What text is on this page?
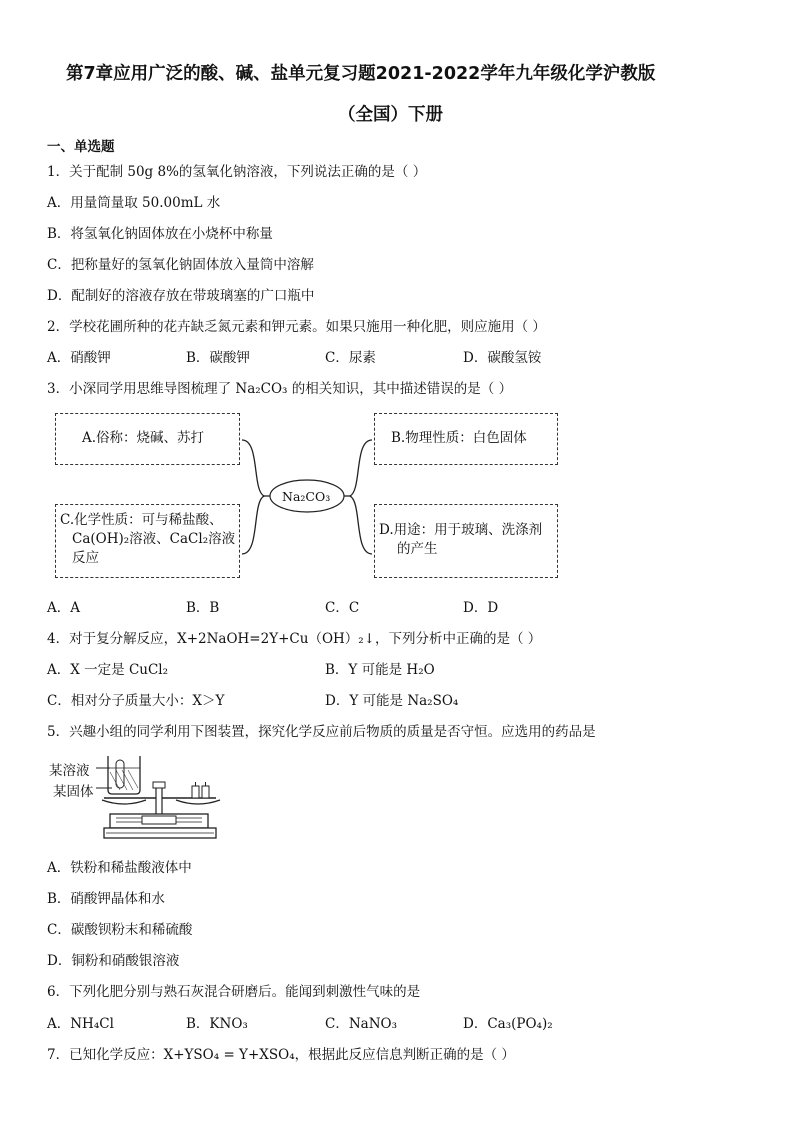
第7章应用广泛的酸、碱、盐单元复习题2021-2022学年九年级化学沪教版
（全国）下册
一、单选题
1．关于配制 50g 8%的氢氧化钠溶液，下列说法正确的是（ ）
A．用量筒量取 50.00mL 水
B．将氢氧化钠固体放在小烧杯中称量
C．把称量好的氢氧化钠固体放入量筒中溶解
D．配制好的溶液存放在带玻璃塞的广口瓶中
2．学校花圃所种的花卉缺乏氮元素和钾元素。如果只施用一种化肥，则应施用（ ）
A．硝酸钾	B．碳酸钾	C．尿素	D．碳酸氢铵
3．小深同学用思维导图梳理了 Na₂CO₃ 的相关知识，其中描述错误的是（ ）
A.俗称：烧碱、苏打	B.物理性质：白色固体
C.化学性质：可与稀盐酸、
Ca(OH)₂溶液、CaCl₂溶液
反应
D.用途：用于玻璃、洗涤剂
的产生
Na₂CO₃
A．A	B．B	C．C	D．D
4．对于复分解反应，X+2NaOH=2Y+Cu（OH）₂↓，下列分析中正确的是（ ）
A．X 一定是 CuCl₂	B．Y 可能是 H₂O
C．相对分子质量大小：X＞Y	D．Y 可能是 Na₂SO₄
5．兴趣小组的同学利用下图装置，探究化学反应前后物质的质量是否守恒。应选用的药品是
某溶液
某固体
A．铁粉和稀盐酸液体中
B．硝酸钾晶体和水
C．碳酸钡粉末和稀硫酸
D．铜粉和硝酸银溶液
6．下列化肥分别与熟石灰混合研磨后。能闻到刺激性气味的是
A．NH₄Cl	B．KNO₃	C．NaNO₃	D．Ca₃(PO₄)₂
7．已知化学反应：X+YSO₄ = Y+XSO₄，根据此反应信息判断正确的是（ ）
